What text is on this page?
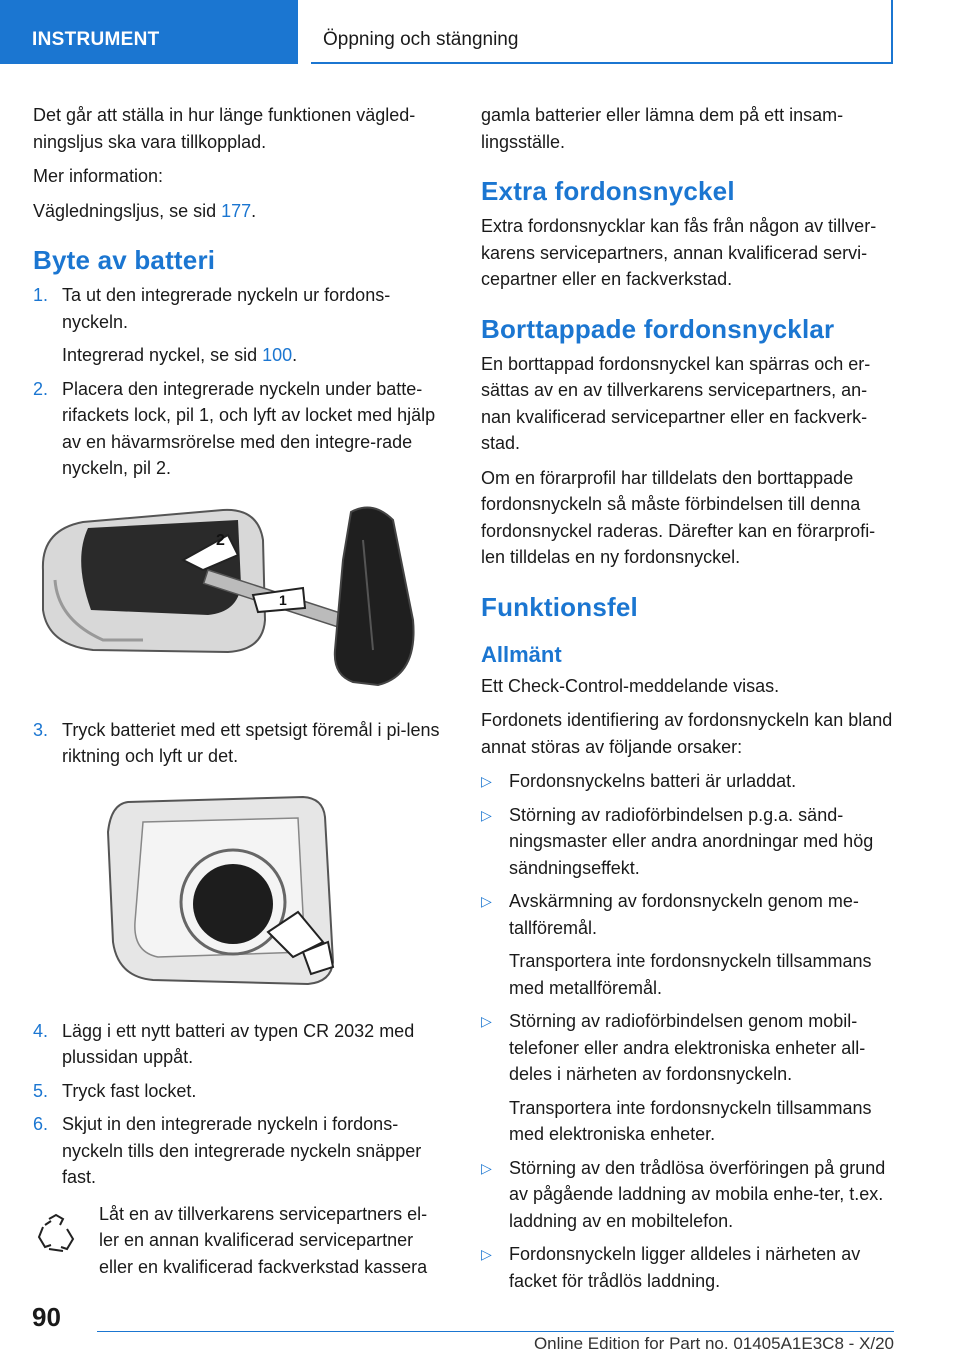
INSTRUMENT	Öppning och stängning

Det går att ställa in hur länge funktionen vägled-ningsljus ska vara tillkopplad.

Mer information:

Vägledningsljus, se sid 177.

Byte av batteri
1. Ta ut den integrerade nyckeln ur fordons-nyckeln.
Integrerad nyckel, se sid 100.
2. Placera den integrerade nyckeln under batte-rifackets lock, pil 1, och lyft av locket med hjälp av en hävarmsrörelse med den integre-rade nyckeln, pil 2.
2
1
3. Tryck batteriet med ett spetsigt föremål i pi-lens riktning och lyft ur det.
4. Lägg i ett nytt batteri av typen CR 2032 med plussidan uppåt.
5. Tryck fast locket.
6. Skjut in den integrerade nyckeln i fordons-nyckeln tills den integrerade nyckeln snäpper fast.
Låt en av tillverkarens servicepartners el-ler en annan kvalificerad servicepartner eller en kvalificerad fackverkstad kassera

gamla batterier eller lämna dem på ett insam-lingsställe.

Extra fordonsnyckel

Extra fordonsnycklar kan fås från någon av tillver-karens servicepartners, annan kvalificerad servi-cepartner eller en fackverkstad.

Borttappade fordonsnycklar

En borttappad fordonsnyckel kan spärras och er-sättas av en av tillverkarens servicepartners, an-nan kvalificerad servicepartner eller en fackverk-stad.

Om en förarprofil har tilldelats den borttappade fordonsnyckeln så måste förbindelsen till denna fordonsnyckel raderas. Därefter kan en förarprofi-len tilldelas en ny fordonsnyckel.

Funktionsfel
Allmänt

Ett Check-Control-meddelande visas.

Fordonets identifiering av fordonsnyckeln kan bland annat störas av följande orsaker:

▷ Fordonsnyckelns batteri är urladdat.
▷ Störning av radioförbindelsen p.g.a. sänd-ningsmaster eller andra anordningar med hög sändningseffekt.
▷ Avskärmning av fordonsnyckeln genom me-tallföremål.
Transportera inte fordonsnyckeln tillsammans med metallföremål.
▷ Störning av radioförbindelsen genom mobil-telefoner eller andra elektroniska enheter all-deles i närheten av fordonsnyckeln.
Transportera inte fordonsnyckeln tillsammans med elektroniska enheter.
▷ Störning av den trådlösa överföringen på grund av pågående laddning av mobila enhe-ter, t.ex. laddning av en mobiltelefon.
▷ Fordonsnyckeln ligger alldeles i närheten av facket för trådlös laddning.
90
Online Edition for Part no. 01405A1E3C8 - X/20
